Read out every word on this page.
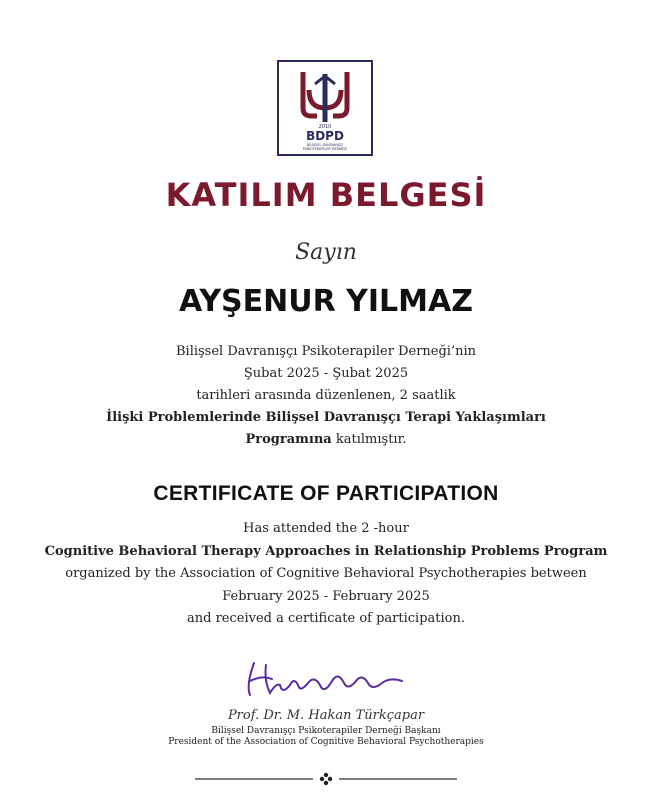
2010
BDPD
BİLİŞSEL DAVRANIŞÇI
PSİKOTERAPİLER DERNEĞİ
KATILIM BELGESİ
Sayın
AYŞENUR YILMAZ
Bilişsel Davranışçı Psikoterapiler Derneği’nin
Şubat 2025 - Şubat 2025
tarihleri arasında düzenlenen, 2 saatlik
İlişki Problemlerinde Bilişsel Davranışçı Terapi Yaklaşımları
Programına katılmıştır.
CERTIFICATE OF PARTICIPATION
Has attended the 2 -hour
Cognitive Behavioral Therapy Approaches in Relationship Problems Program
organized by the Association of Cognitive Behavioral Psychotherapies between
February 2025 - February 2025
and received a certificate of participation.
Prof. Dr. M. Hakan Türkçapar
Bilişsel Davranışçı Psikoterapiler Derneği Başkanı
President of the Association of Cognitive Behavioral Psychotherapies
